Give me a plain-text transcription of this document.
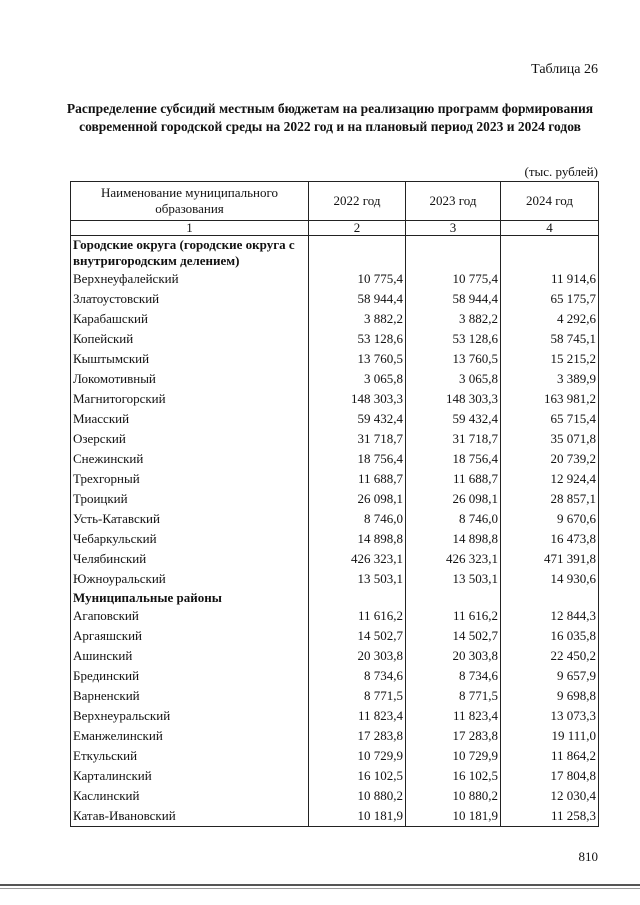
Таблица 26
Распределение субсидий местным бюджетам на реализацию программ формирования современной городской среды на 2022 год и на плановый период 2023 и 2024 годов
(тыс. рублей)
Наименование муниципального образования	2022 год	2023 год	2024 год
1	2	3	4
Городские округа (городские округа с внутригородским делением)			
Верхнеуфалейский	10 775,4	10 775,4	11 914,6
Златоустовский	58 944,4	58 944,4	65 175,7
Карабашский	3 882,2	3 882,2	4 292,6
Копейский	53 128,6	53 128,6	58 745,1
Кыштымский	13 760,5	13 760,5	15 215,2
Локомотивный	3 065,8	3 065,8	3 389,9
Магнитогорский	148 303,3	148 303,3	163 981,2
Миасский	59 432,4	59 432,4	65 715,4
Озерский	31 718,7	31 718,7	35 071,8
Снежинский	18 756,4	18 756,4	20 739,2
Трехгорный	11 688,7	11 688,7	12 924,4
Троицкий	26 098,1	26 098,1	28 857,1
Усть-Катавский	8 746,0	8 746,0	9 670,6
Чебаркульский	14 898,8	14 898,8	16 473,8
Челябинский	426 323,1	426 323,1	471 391,8
Южноуральский	13 503,1	13 503,1	14 930,6
Муниципальные районы			
Агаповский	11 616,2	11 616,2	12 844,3
Аргаяшский	14 502,7	14 502,7	16 035,8
Ашинский	20 303,8	20 303,8	22 450,2
Брединский	8 734,6	8 734,6	9 657,9
Варненский	8 771,5	8 771,5	9 698,8
Верхнеуральский	11 823,4	11 823,4	13 073,3
Еманжелинский	17 283,8	17 283,8	19 111,0
Еткульский	10 729,9	10 729,9	11 864,2
Карталинский	16 102,5	16 102,5	17 804,8
Каслинский	10 880,2	10 880,2	12 030,4
Катав-Ивановский	10 181,9	10 181,9	11 258,3
810
